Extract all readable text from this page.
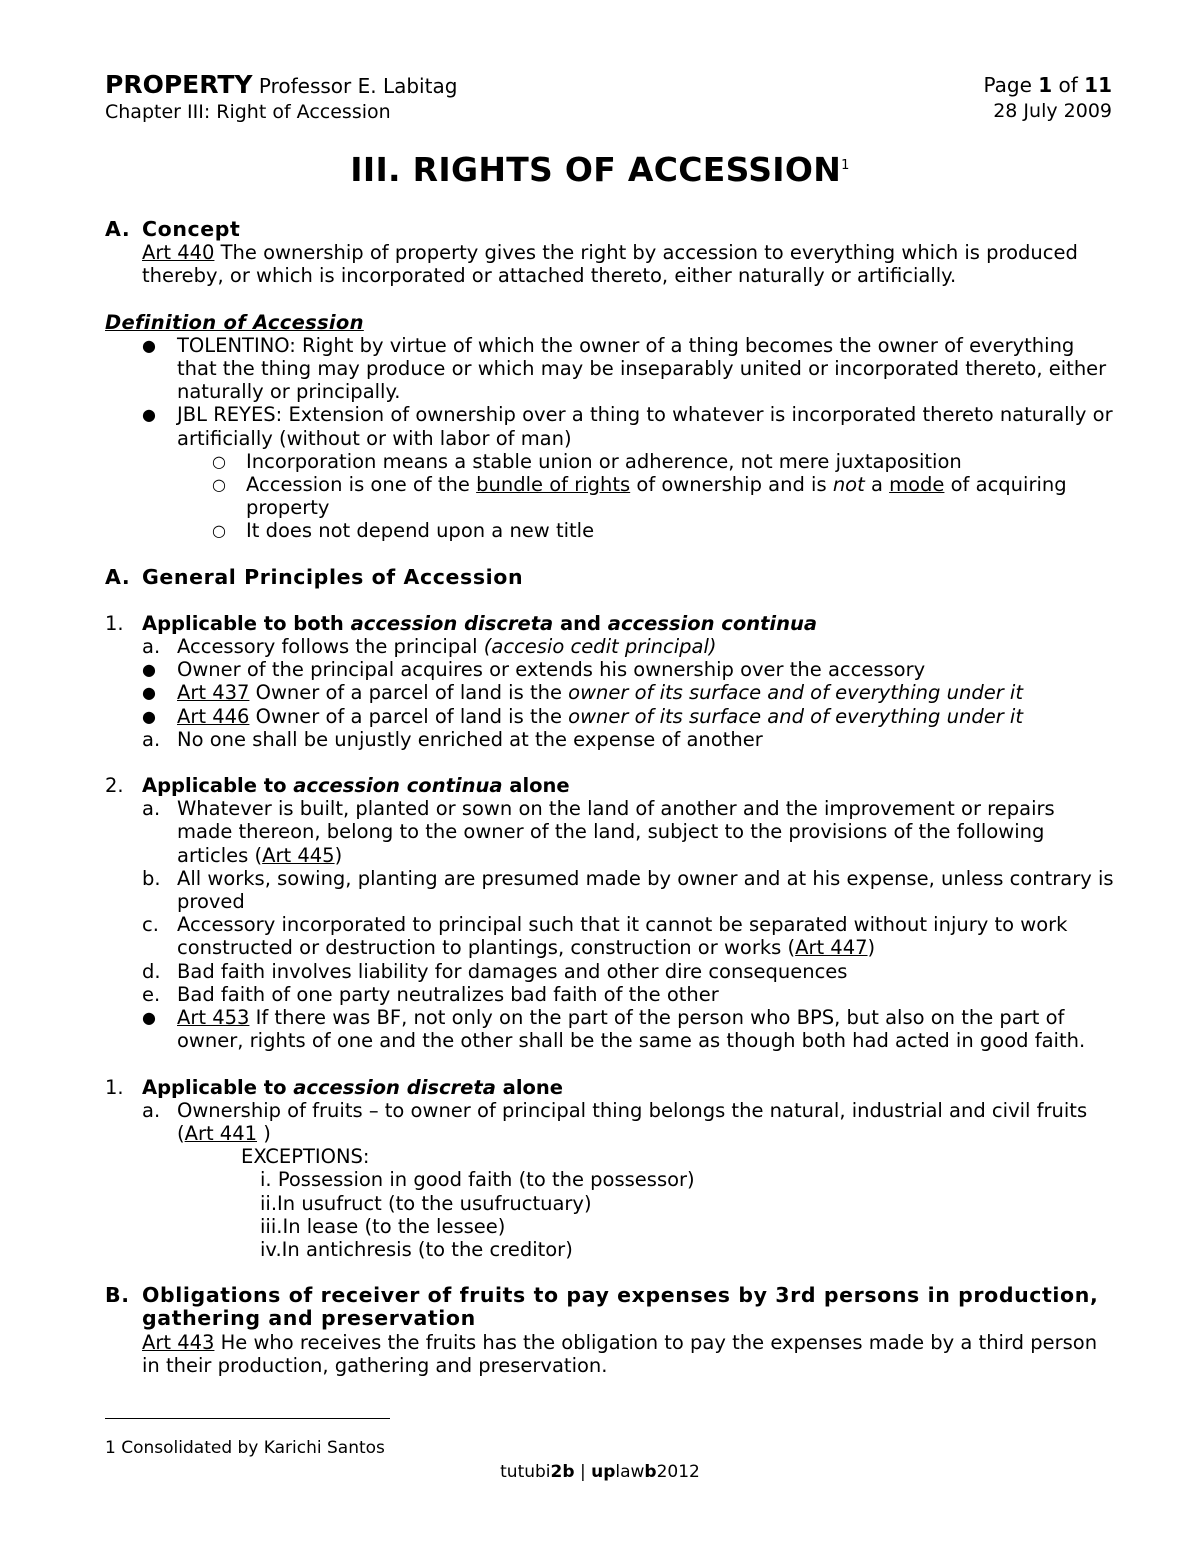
PROPERTY Professor E. Labitag
Chapter III: Right of Accession
Page 1 of 11
28 July 2009
III. RIGHTS OF ACCESSION$^1$
A. Concept
Art 440 The ownership of property gives the right by accession to everything which is produced thereby, or which is incorporated or attached thereto, either naturally or artificially.
Definition of Accession
● TOLENTINO: Right by virtue of which the owner of a thing becomes the owner of everything that the thing may produce or which may be inseparably united or incorporated thereto, either naturally or principally.
● JBL REYES: Extension of ownership over a thing to whatever is incorporated thereto naturally or artificially (without or with labor of man)
○ Incorporation means a stable union or adherence, not mere juxtaposition
○ Accession is one of the bundle of rights of ownership and is not a mode of acquiring property
○ It does not depend upon a new title
A. General Principles of Accession
1. Applicable to both accession discreta and accession continua
a. Accessory follows the principal (accesio cedit principal)
● Owner of the principal acquires or extends his ownership over the accessory
● Art 437 Owner of a parcel of land is the owner of its surface and of everything under it
● Art 446 Owner of a parcel of land is the owner of its surface and of everything under it
a. No one shall be unjustly enriched at the expense of another
2. Applicable to accession continua alone
a. Whatever is built, planted or sown on the land of another and the improvement or repairs made thereon, belong to the owner of the land, subject to the provisions of the following articles (Art 445)
b. All works, sowing, planting are presumed made by owner and at his expense, unless contrary is proved
c. Accessory incorporated to principal such that it cannot be separated without injury to work constructed or destruction to plantings, construction or works (Art 447)
d. Bad faith involves liability for damages and other dire consequences
e. Bad faith of one party neutralizes bad faith of the other
● Art 453 If there was BF, not only on the part of the person who BPS, but also on the part of owner, rights of one and the other shall be the same as though both had acted in good faith.
1. Applicable to accession discreta alone
a. Ownership of fruits – to owner of principal thing belongs the natural, industrial and civil fruits (Art 441 )
EXCEPTIONS:
i. Possession in good faith (to the possessor)
ii.In usufruct (to the usufructuary)
iii.In lease (to the lessee)
iv.In antichresis (to the creditor)
B. Obligations of receiver of fruits to pay expenses by 3rd persons in production, gathering and preservation
Art 443 He who receives the fruits has the obligation to pay the expenses made by a third person in their production, gathering and preservation.
1 Consolidated by Karichi Santos
tutubi2b | uplawb2012
